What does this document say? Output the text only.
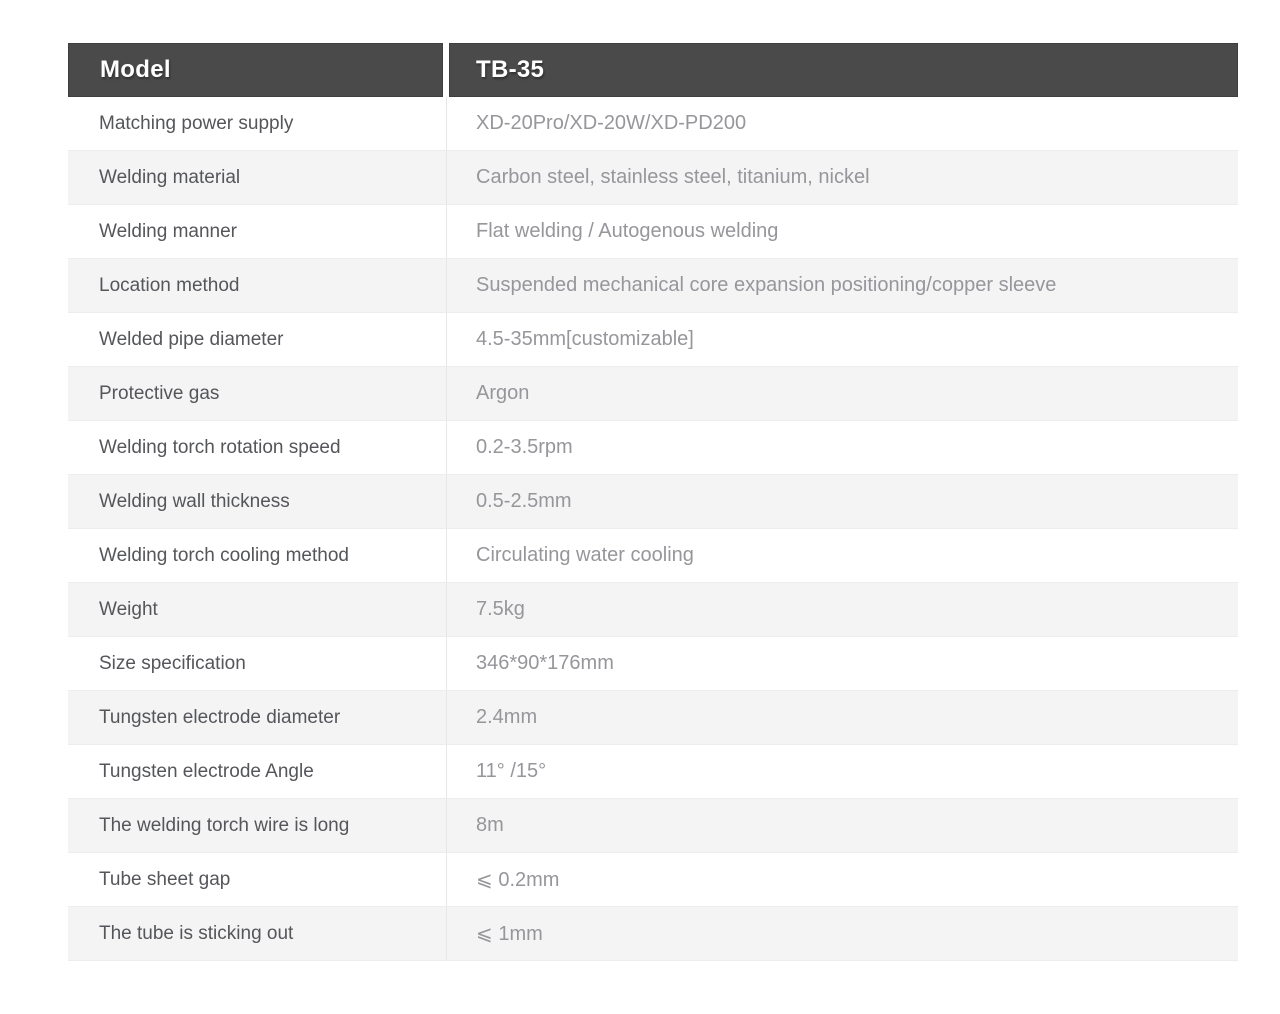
Model	TB-35
Matching power supply	XD-20Pro/XD-20W/XD-PD200
Welding material	Carbon steel, stainless steel, titanium, nickel
Welding manner	Flat welding / Autogenous welding
Location method	Suspended mechanical core expansion positioning/copper sleeve
Welded pipe diameter	4.5-35mm[customizable]
Protective gas	Argon
Welding torch rotation speed	0.2-3.5rpm
Welding wall thickness	0.5-2.5mm
Welding torch cooling method	Circulating water cooling
Weight	7.5kg
Size specification	346*90*176mm
Tungsten electrode diameter	2.4mm
Tungsten electrode Angle	11° /15°
The welding torch wire is long	8m
Tube sheet gap	⩽ 0.2mm
The tube is sticking out	⩽ 1mm
